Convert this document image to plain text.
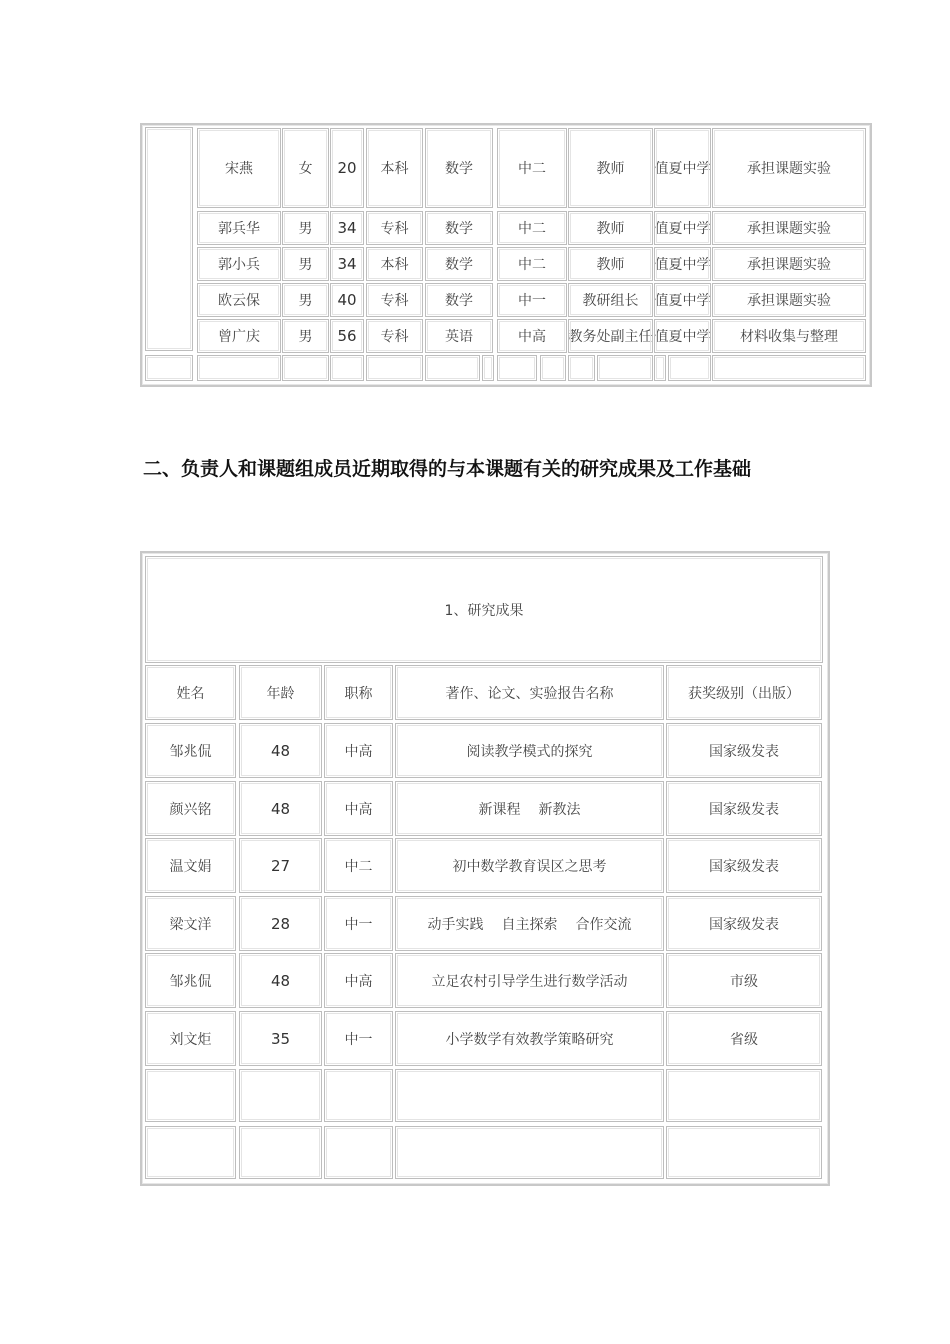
宋燕	女	20	本科	数学	中二	教师	值夏中学	承担课题实验
郭兵华	男	34	专科	数学	中二	教师	值夏中学	承担课题实验
郭小兵	男	34	本科	数学	中二	教师	值夏中学	承担课题实验
欧云保	男	40	专科	数学	中一	教研组长	值夏中学	承担课题实验
曾广庆	男	56	专科	英语	中高	教务处副主任 值夏中学	材料收集与整理
二、负责人和课题组成员近期取得的与本课题有关的研究成果及工作基础
1、研究成果
姓名	年龄	职称	著作、论文、实验报告名称	获奖级别（出版）
邹兆侃	48	中高	阅读教学模式的探究	国家级发表
颜兴铭	48	中高	新课程 新教法	国家级发表
温文娟	27	中二	初中数学教育误区之思考	国家级发表
梁文洋	28	中一	动手实践 自主探索 合作交流	国家级发表
邹兆侃	48	中高	立足农村引导学生进行数学活动	市级
刘文炬	35	中一	小学数学有效教学策略研究	省级
